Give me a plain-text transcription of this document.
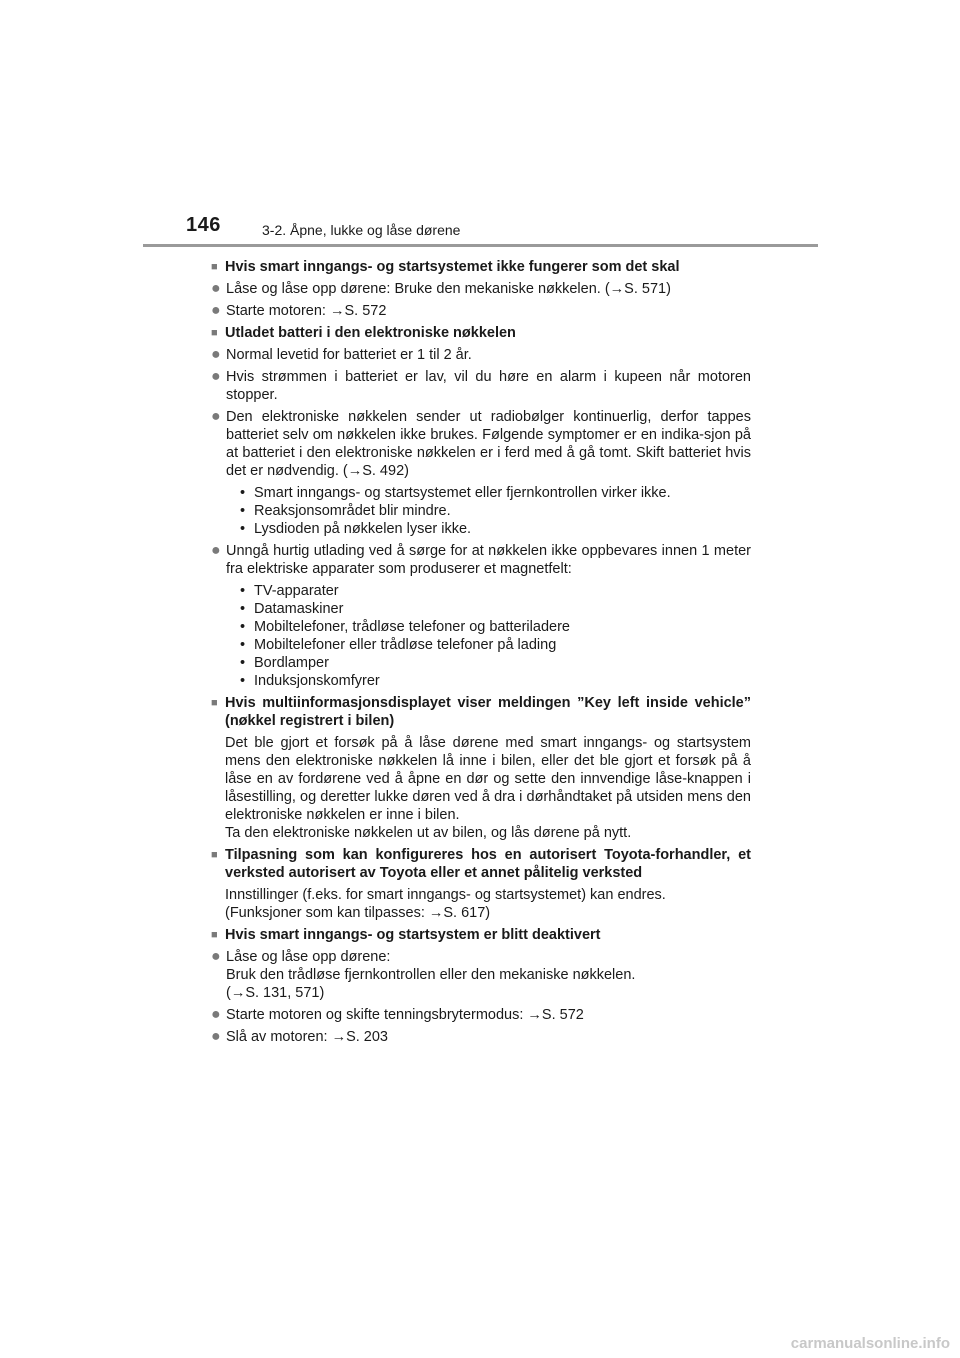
146	3-2. Åpne, lukke og låse dørene
■ Hvis smart inngangs- og startsystemet ikke fungerer som det skal
● Låse og låse opp dørene: Bruke den mekaniske nøkkelen. (→S. 571)
● Starte motoren: →S. 572
■ Utladet batteri i den elektroniske nøkkelen
● Normal levetid for batteriet er 1 til 2 år.
● Hvis strømmen i batteriet er lav, vil du høre en alarm i kupeen når motoren stopper.
● Den elektroniske nøkkelen sender ut radiobølger kontinuerlig, derfor tappes batteriet selv om nøkkelen ikke brukes. Følgende symptomer er en indika-sjon på at batteriet i den elektroniske nøkkelen er i ferd med å gå tomt. Skift batteriet hvis det er nødvendig. (→S. 492)
• Smart inngangs- og startsystemet eller fjernkontrollen virker ikke.
• Reaksjonsområdet blir mindre.
• Lysdioden på nøkkelen lyser ikke.
● Unngå hurtig utlading ved å sørge for at nøkkelen ikke oppbevares innen 1 meter fra elektriske apparater som produserer et magnetfelt:
• TV-apparater
• Datamaskiner
• Mobiltelefoner, trådløse telefoner og batteriladere
• Mobiltelefoner eller trådløse telefoner på lading
• Bordlamper
• Induksjonskomfyrer
■ Hvis multiinformasjonsdisplayet viser meldingen ”Key left inside vehicle” (nøkkel registrert i bilen)
Det ble gjort et forsøk på å låse dørene med smart inngangs- og startsystem mens den elektroniske nøkkelen lå inne i bilen, eller det ble gjort et forsøk på å låse en av fordørene ved å åpne en dør og sette den innvendige låse-knappen i låsestilling, og deretter lukke døren ved å dra i dørhåndtaket på utsiden mens den elektroniske nøkkelen er inne i bilen.
Ta den elektroniske nøkkelen ut av bilen, og lås dørene på nytt.
■ Tilpasning som kan konfigureres hos en autorisert Toyota-forhandler, et verksted autorisert av Toyota eller et annet pålitelig verksted
Innstillinger (f.eks. for smart inngangs- og startsystemet) kan endres.
(Funksjoner som kan tilpasses: →S. 617)
■ Hvis smart inngangs- og startsystem er blitt deaktivert
● Låse og låse opp dørene:
Bruk den trådløse fjernkontrollen eller den mekaniske nøkkelen.
(→S. 131, 571)
● Starte motoren og skifte tenningsbrytermodus: →S. 572
● Slå av motoren: →S. 203
carmanualsonline.info
